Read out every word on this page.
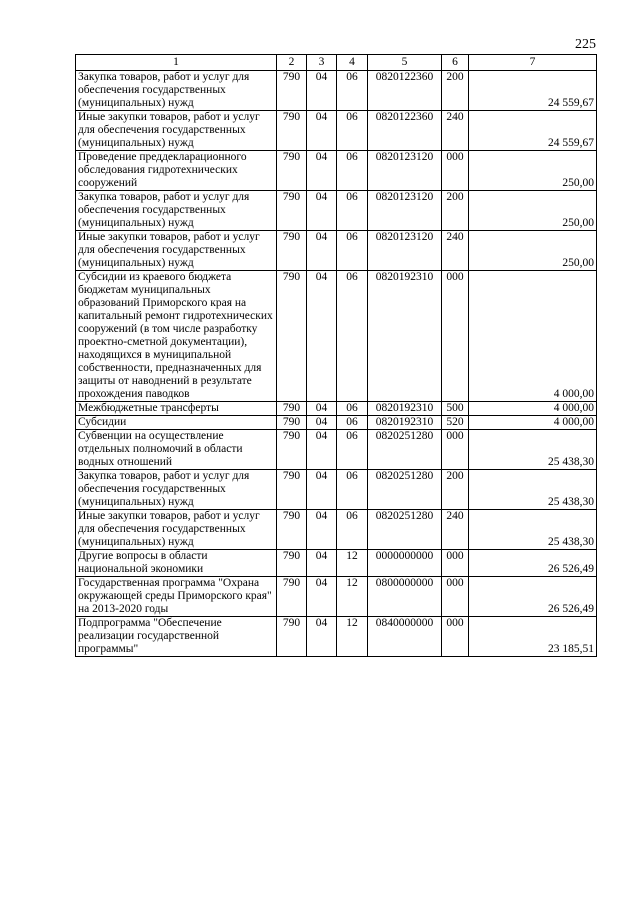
225
1	2	3	4	5	6	7
Закупка товаров, работ и услуг для обеспечения государственных (муниципальных) нужд	790	04	06	0820122360	200	24 559,67
Иные закупки товаров, работ и услуг для обеспечения государственных (муниципальных) нужд	790	04	06	0820122360	240	24 559,67
Проведение преддекларационного обследования гидротехнических сооружений	790	04	06	0820123120	000	250,00
Закупка товаров, работ и услуг для обеспечения государственных (муниципальных) нужд	790	04	06	0820123120	200	250,00
Иные закупки товаров, работ и услуг для обеспечения государственных (муниципальных) нужд	790	04	06	0820123120	240	250,00
Субсидии из краевого бюджета бюджетам муниципальных образований Приморского края на капитальный ремонт гидротехнических сооружений (в том числе разработку проектно-сметной документации), находящихся в муниципальной собственности, предназначенных для защиты от наводнений в результате прохождения паводков	790	04	06	0820192310	000	4 000,00
Межбюджетные трансферты	790	04	06	0820192310	500	4 000,00
Субсидии	790	04	06	0820192310	520	4 000,00
Субвенции на осуществление отдельных полномочий в области водных отношений	790	04	06	0820251280	000	25 438,30
Закупка товаров, работ и услуг для обеспечения государственных (муниципальных) нужд	790	04	06	0820251280	200	25 438,30
Иные закупки товаров, работ и услуг для обеспечения государственных (муниципальных) нужд	790	04	06	0820251280	240	25 438,30
Другие вопросы в области национальной экономики	790	04	12	0000000000	000	26 526,49
Государственная программа "Охрана окружающей среды Приморского края" на 2013-2020 годы	790	04	12	0800000000	000	26 526,49
Подпрограмма "Обеспечение реализации государственной программы"	790	04	12	0840000000	000	23 185,51
